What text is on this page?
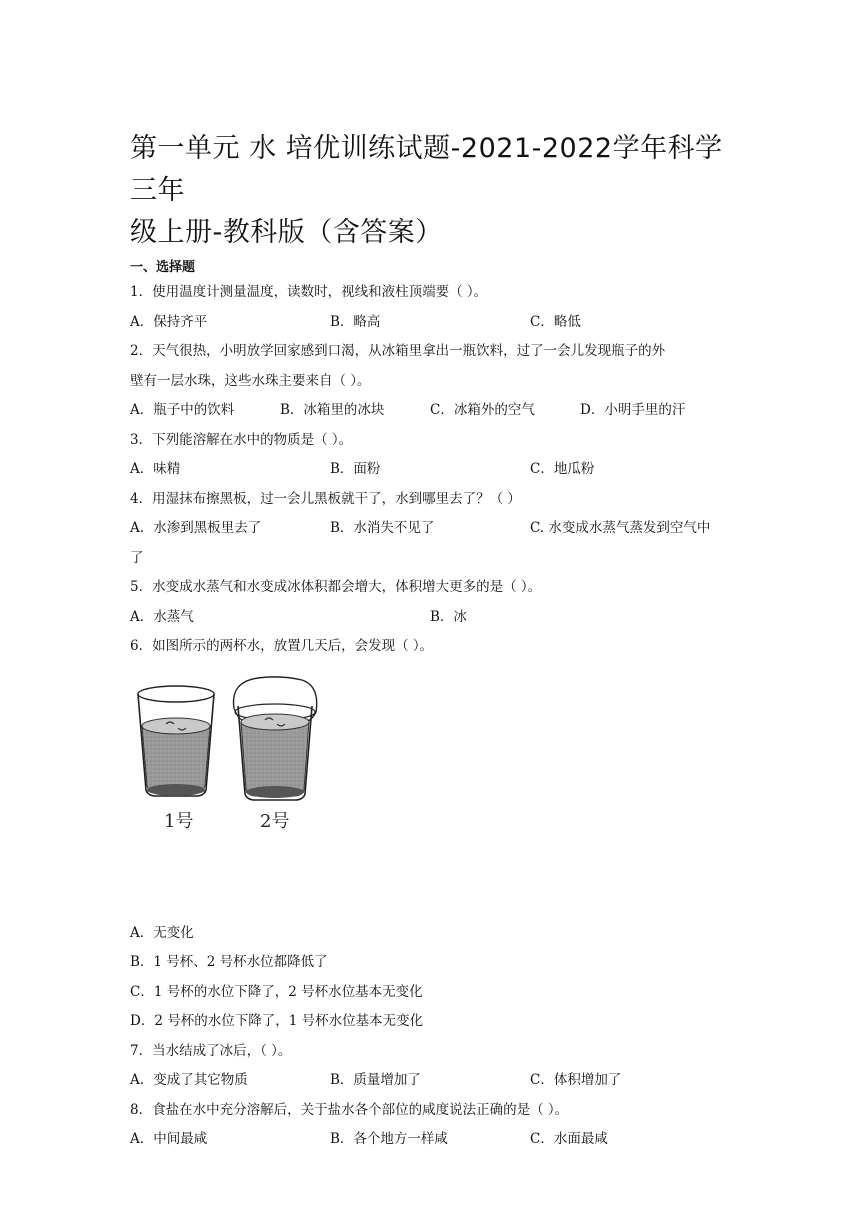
第一单元 水 培优训练试题-2021-2022学年科学三年
级上册-教科版（含答案）
一、选择题
1．使用温度计测量温度，读数时，视线和液柱顶端要（ ）。
A．保持齐平	B．略高	C．略低
2．天气很热，小明放学回家感到口渴，从冰箱里拿出一瓶饮料，过了一会儿发现瓶子的外
壁有一层水珠，这些水珠主要来自（ ）。
A．瓶子中的饮料	B．冰箱里的冰块	C．冰箱外的空气	D．小明手里的汗
3．下列能溶解在水中的物质是（ ）。
A．味精	B．面粉	C．地瓜粉
4．用湿抹布擦黑板，过一会儿黑板就干了，水到哪里去了？（ ）
A．水渗到黑板里去了	B．水消失不见了	C. 水变成水蒸气蒸发到空气中
了
5．水变成水蒸气和水变成冰体积都会增大，体积增大更多的是（ ）。
A．水蒸气	B．冰
6．如图所示的两杯水，放置几天后，会发现（ ）。
1号	2号
A．无变化
B．1 号杯、2 号杯水位都降低了
C．1 号杯的水位下降了，2 号杯水位基本无变化
D．2 号杯的水位下降了，1 号杯水位基本无变化
7．当水结成了冰后，（ ）。
A．变成了其它物质	B．质量增加了	C．体积增加了
8．食盐在水中充分溶解后，关于盐水各个部位的咸度说法正确的是（ ）。
A．中间最咸	B．各个地方一样咸	C．水面最咸
